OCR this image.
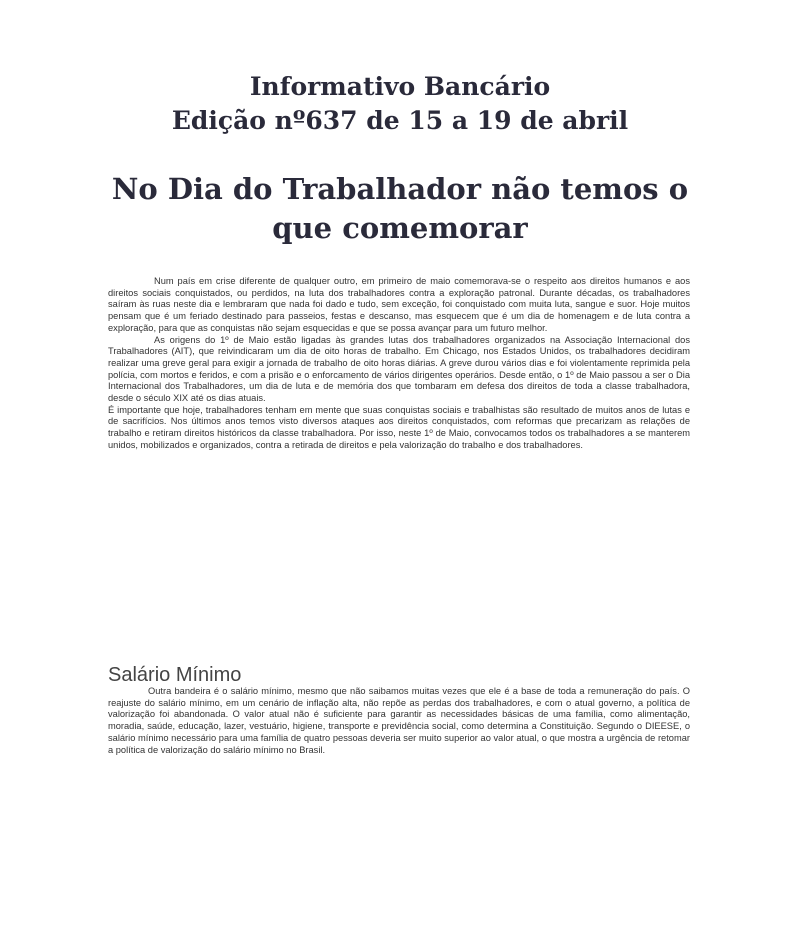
Informativo Bancário
Edição nº637 de 15 a 19 de abril
No Dia do Trabalhador não temos o que comemorar

Num país em crise diferente de qualquer outro, em primeiro de maio comemorava-se o respeito aos direitos humanos e aos direitos sociais conquistados, ou perdidos, na luta dos trabalhadores contra a exploração patronal. Durante décadas, os trabalhadores saíram às ruas neste dia e lembraram que nada foi dado e tudo, sem exceção, foi conquistado com muita luta, sangue e suor. Hoje muitos pensam que é um feriado destinado para passeios, festas e descanso, mas esquecem que é um dia de homenagem e de luta contra a exploração, para que as conquistas não sejam esquecidas e que se possa avançar para um futuro melhor.

As origens do 1º de Maio estão ligadas às grandes lutas dos trabalhadores organizados na Associação Internacional dos Trabalhadores (AIT), que reivindicaram um dia de oito horas de trabalho. Em Chicago, nos Estados Unidos, os trabalhadores decidiram realizar uma greve geral para exigir a jornada de trabalho de oito horas diárias. A greve durou vários dias e foi violentamente reprimida pela polícia, com mortos e feridos, e com a prisão e o enforcamento de vários dirigentes operários. Desde então, o 1º de Maio passou a ser o Dia Internacional dos Trabalhadores, um dia de luta e de memória dos que tombaram em defesa dos direitos de toda a classe trabalhadora, desde o século XIX até os dias atuais.

É importante que hoje, trabalhadores tenham em mente que suas conquistas sociais e trabalhistas são resultado de muitos anos de lutas e de sacrifícios. Nos últimos anos temos visto diversos ataques aos direitos conquistados, com reformas que precarizam as relações de trabalho e retiram direitos históricos da classe trabalhadora. Por isso, neste 1º de Maio, convocamos todos os trabalhadores a se manterem unidos, mobilizados e organizados, contra a retirada de direitos e pela valorização do trabalho e dos trabalhadores.

Salário Mínimo

Outra bandeira é o salário mínimo, mesmo que não saibamos muitas vezes que ele é a base de toda a remuneração do país. O reajuste do salário mínimo, em um cenário de inflação alta, não repõe as perdas dos trabalhadores, e com o atual governo, a política de valorização foi abandonada. O valor atual não é suficiente para garantir as necessidades básicas de uma família, como alimentação, moradia, saúde, educação, lazer, vestuário, higiene, transporte e previdência social, como determina a Constituição. Segundo o DIEESE, o salário mínimo necessário para uma família de quatro pessoas deveria ser muito superior ao valor atual, o que mostra a urgência de retomar a política de valorização do salário mínimo no Brasil.
